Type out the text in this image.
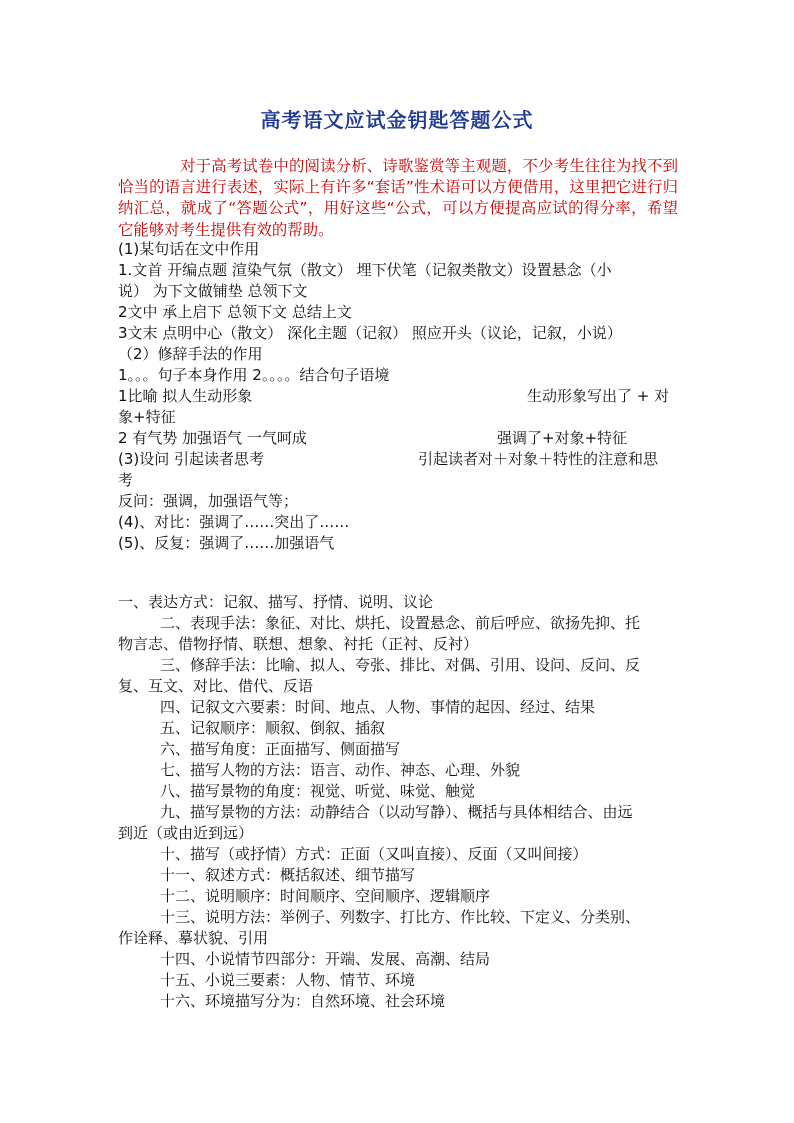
高考语文应试金钥匙答题公式

对于高考试卷中的阅读分析、诗歌鉴赏等主观题，不少考生往往为找不到恰当的语言进行表述，实际上有许多“套话”性术语可以方便借用，这里把它进行归纳汇总，就成了“答题公式”，用好这些“公式，可以方便提高应试的得分率，希望它能够对考生提供有效的帮助。

(1)某句话在文中作用

1.文首 开编点题 渲染气氛（散文） 埋下伏笔（记叙类散文）设置悬念（小

说） 为下文做铺垫 总领下文

2文中 承上启下 总领下文 总结上文

3文末 点明中心（散文） 深化主题（记叙） 照应开头（议论，记叙，小说）

（2）修辞手法的作用

1。。。句子本身作用 2。。。。结合句子语境

1比喻 拟人生动形象	生动形象写出了 + 对

象+特征

2 有气势 加强语气 一气呵成	强调了+对象+特征

(3)设问 引起读者思考	引起读者对＋对象＋特性的注意和思

考

反问：强调，加强语气等；

(4)、对比：强调了……突出了……

(5)、反复：强调了……加强语气

一、表达方式：记叙、描写、抒情、说明、议论

二、表现手法：象征、对比、烘托、设置悬念、前后呼应、欲扬先抑、托

物言志、借物抒情、联想、想象、衬托（正衬、反衬）

三、修辞手法：比喻、拟人、夸张、排比、对偶、引用、设问、反问、反

复、互文、对比、借代、反语

四、记叙文六要素：时间、地点、人物、事情的起因、经过、结果

五、记叙顺序：顺叙、倒叙、插叙

六、描写角度：正面描写、侧面描写

七、描写人物的方法：语言、动作、神态、心理、外貌

八、描写景物的角度：视觉、听觉、味觉、触觉

九、描写景物的方法：动静结合（以动写静）、概括与具体相结合、由远

到近（或由近到远）

十、描写（或抒情）方式：正面（又叫直接）、反面（又叫间接）

十一、叙述方式：概括叙述、细节描写

十二、说明顺序：时间顺序、空间顺序、逻辑顺序

十三、说明方法：举例子、列数字、打比方、作比较、下定义、分类别、

作诠释、摹状貌、引用

十四、小说情节四部分：开端、发展、高潮、结局

十五、小说三要素：人物、情节、环境

十六、环境描写分为：自然环境、社会环境
